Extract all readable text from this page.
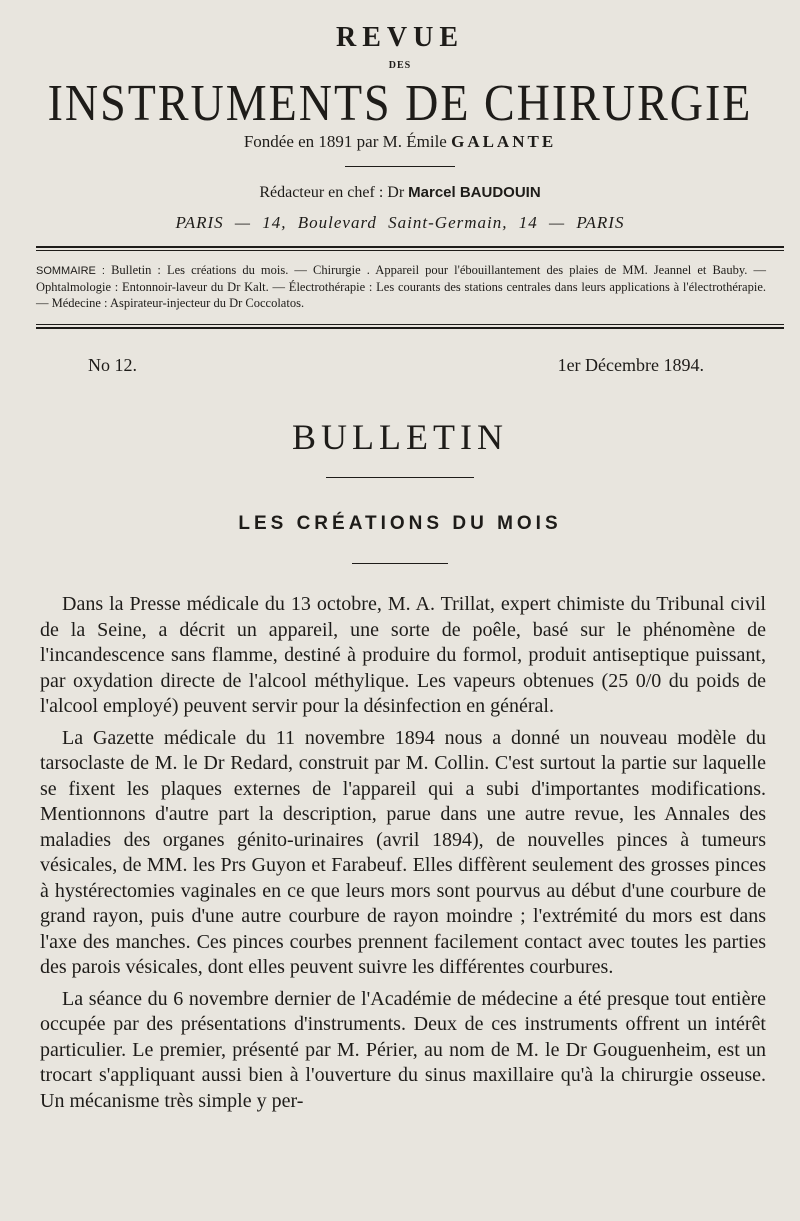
REVUE
DES
INSTRUMENTS DE CHIRURGIE
Fondée en 1891 par M. Émile GALANTE
Rédacteur en chef : Dr Marcel BAUDOUIN
PARIS — 14, Boulevard Saint-Germain, 14 — PARIS
SOMMAIRE : Bulletin : Les créations du mois. — Chirurgie . Appareil pour l'ébouillantement des plaies de MM. Jeannel et Bauby. — Ophtalmologie : Entonnoir-laveur du Dr Kalt. — Électrothérapie : Les courants des stations centrales dans leurs applications à l'électrothérapie.— Médecine : Aspirateur-injecteur du Dr Coccolatos.
No 12.	1er Décembre 1894.
BULLETIN
LES CRÉATIONS DU MOIS

Dans la Presse médicale du 13 octobre, M. A. Trillat, expert chimiste du Tribunal civil de la Seine, a décrit un appareil, une sorte de poêle, basé sur le phénomène de l'incandescence sans flamme, destiné à produire du formol, produit antiseptique puissant, par oxydation directe de l'alcool méthylique. Les vapeurs obtenues (25 0/0 du poids de l'alcool employé) peuvent servir pour la désinfection en général.

La Gazette médicale du 11 novembre 1894 nous a donné un nouveau modèle du tarsoclaste de M. le Dr Redard, construit par M. Collin. C'est surtout la partie sur laquelle se fixent les plaques externes de l'appareil qui a subi d'importantes modifications. Mentionnons d'autre part la description, parue dans une autre revue, les Annales des maladies des organes génito-urinaires (avril 1894), de nouvelles pinces à tumeurs vésicales, de MM. les Prs Guyon et Farabeuf. Elles diffèrent seulement des grosses pinces à hystérectomies vaginales en ce que leurs mors sont pourvus au début d'une courbure de grand rayon, puis d'une autre courbure de rayon moindre ; l'extrémité du mors est dans l'axe des manches. Ces pinces courbes prennent facilement contact avec toutes les parties des parois vésicales, dont elles peuvent suivre les différentes courbures.

La séance du 6 novembre dernier de l'Académie de médecine a été presque tout entière occupée par des présentations d'instruments. Deux de ces instruments offrent un intérêt particulier. Le premier, présenté par M. Périer, au nom de M. le Dr Gouguenheim, est un trocart s'appliquant aussi bien à l'ouverture du sinus maxillaire qu'à la chirurgie osseuse. Un mécanisme très simple y per-
